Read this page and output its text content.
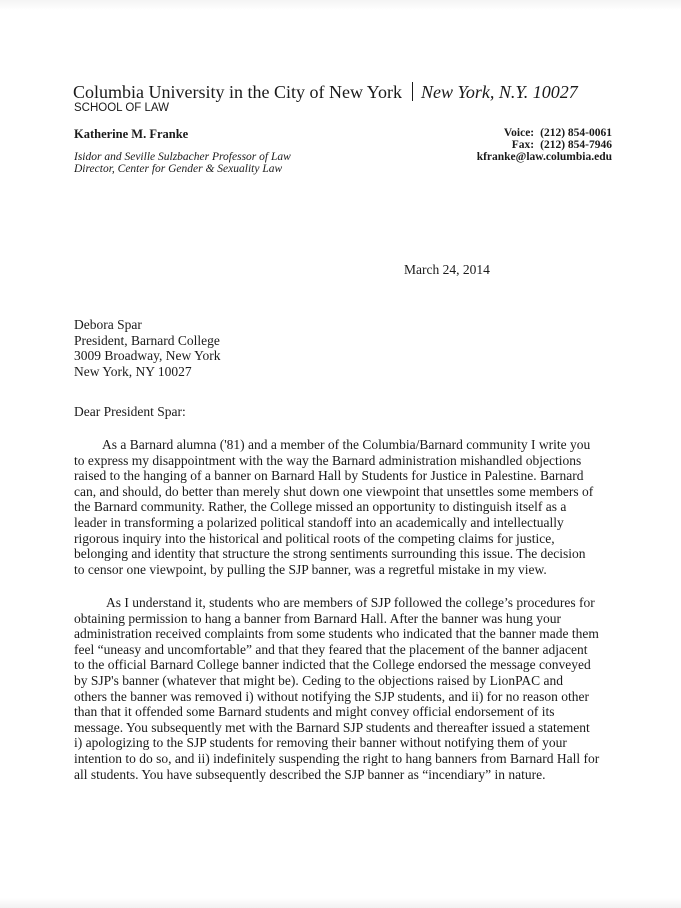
Columbia University in the City of New York New York, N.Y. 10027
SCHOOL OF LAW
Katherine M. Franke
Isidor and Seville Sulzbacher Professor of Law
Director, Center for Gender & Sexuality Law
Voice: (212) 854-0061
Fax: (212) 854-7946
kfranke@law.columbia.edu
March 24, 2014
Debora Spar
President, Barnard College
3009 Broadway, New York
New York, NY 10027
Dear President Spar:
As a Barnard alumna ('81) and a member of the Columbia/Barnard community I write you
to express my disappointment with the way the Barnard administration mishandled objections
raised to the hanging of a banner on Barnard Hall by Students for Justice in Palestine. Barnard
can, and should, do better than merely shut down one viewpoint that unsettles some members of
the Barnard community. Rather, the College missed an opportunity to distinguish itself as a
leader in transforming a polarized political standoff into an academically and intellectually
rigorous inquiry into the historical and political roots of the competing claims for justice,
belonging and identity that structure the strong sentiments surrounding this issue. The decision
to censor one viewpoint, by pulling the SJP banner, was a regretful mistake in my view.
As I understand it, students who are members of SJP followed the college’s procedures for
obtaining permission to hang a banner from Barnard Hall. After the banner was hung your
administration received complaints from some students who indicated that the banner made them
feel “uneasy and uncomfortable” and that they feared that the placement of the banner adjacent
to the official Barnard College banner indicted that the College endorsed the message conveyed
by SJP's banner (whatever that might be). Ceding to the objections raised by LionPAC and
others the banner was removed i) without notifying the SJP students, and ii) for no reason other
than that it offended some Barnard students and might convey official endorsement of its
message. You subsequently met with the Barnard SJP students and thereafter issued a statement
i) apologizing to the SJP students for removing their banner without notifying them of your
intention to do so, and ii) indefinitely suspending the right to hang banners from Barnard Hall for
all students. You have subsequently described the SJP banner as “incendiary” in nature.
